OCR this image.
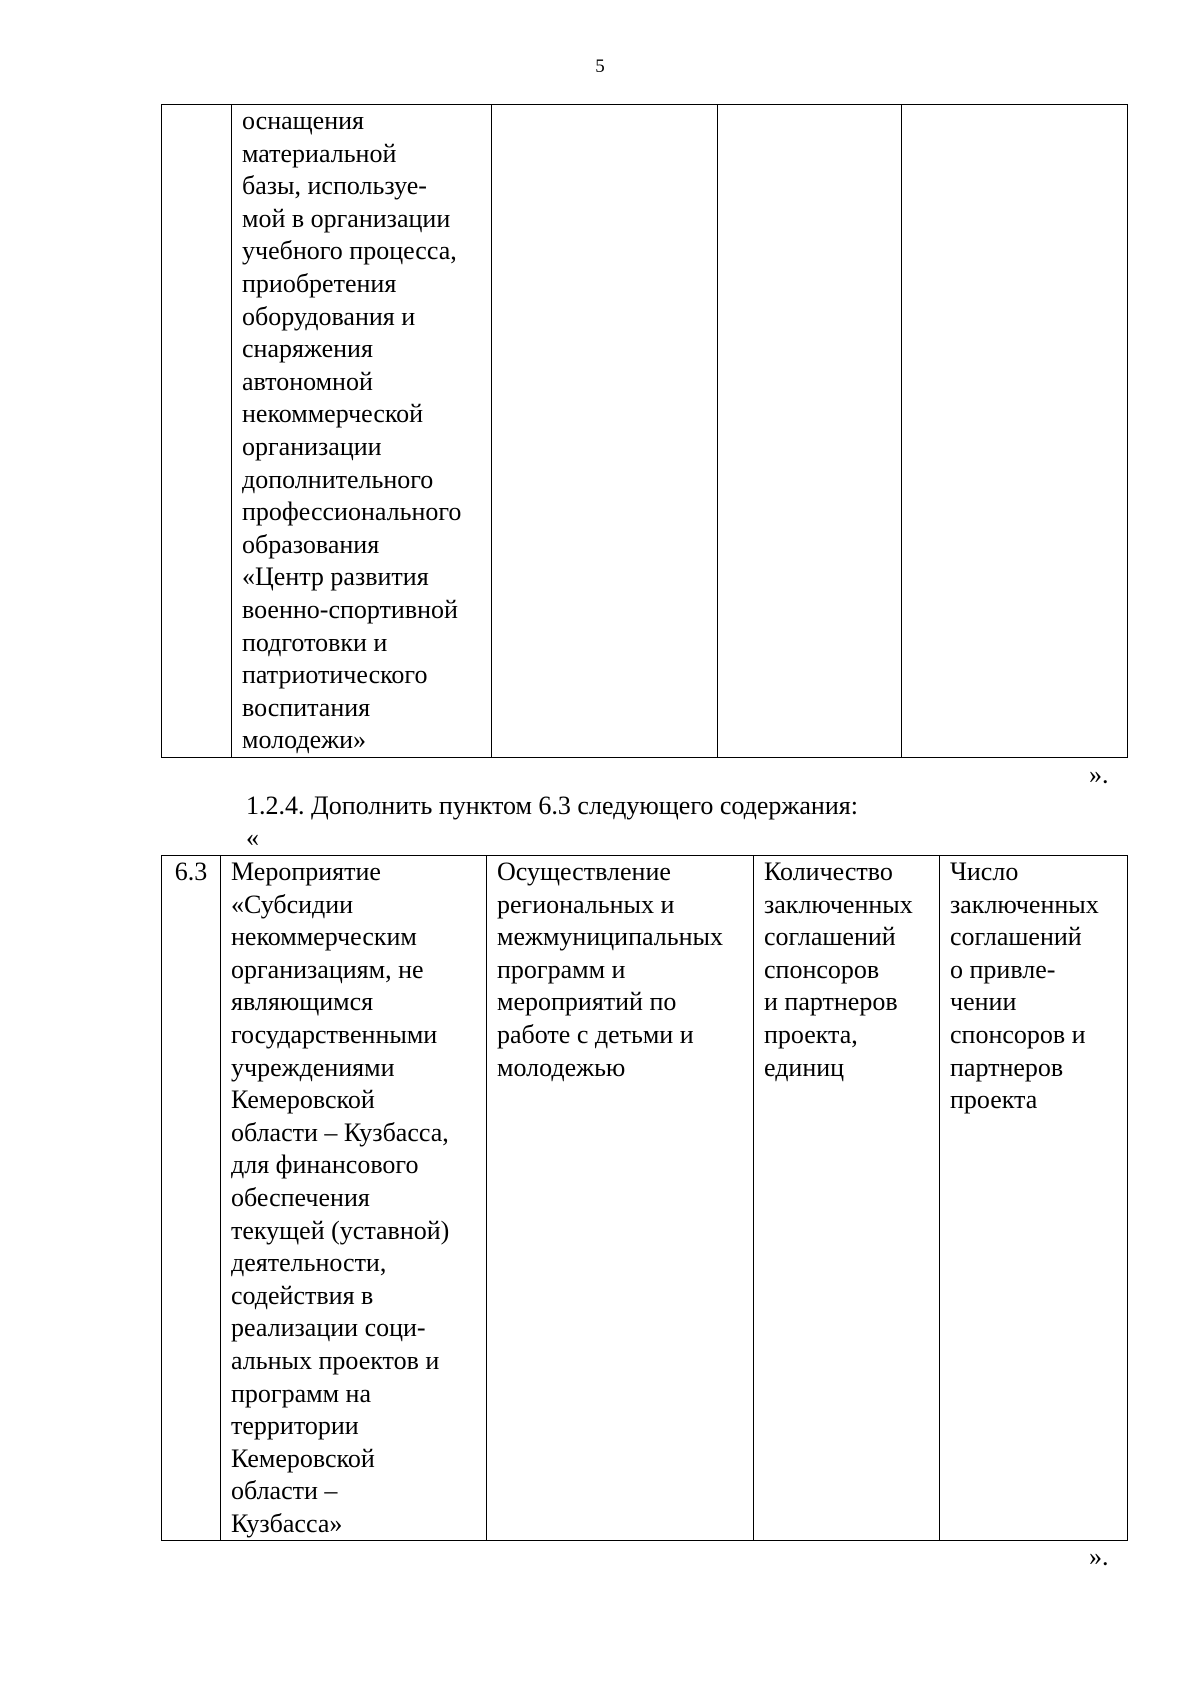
5
	оснащения
материальной
базы, используе-
мой в организации
учебного процесса,
приобретения
оборудования и
снаряжения
автономной
некоммерческой
организации
дополнительного
профессионального
образования
«Центр развития
военно-спортивной
подготовки и
патриотического
воспитания
молодежи»			
».
1.2.4. Дополнить пунктом 6.3 следующего содержания:
«
6.3	Мероприятие
«Субсидии
некоммерческим
организациям, не
являющимся
государственными
учреждениями
Кемеровской
области – Кузбасса,
для финансового
обеспечения
текущей (уставной)
деятельности,
содействия в
реализации соци-
альных проектов и
программ на
территории
Кемеровской
области –
Кузбасса»	Осуществление
региональных и
межмуниципальных
программ и
мероприятий по
работе с детьми и
молодежью	Количество
заключенных
соглашений
спонсоров
и партнеров
проекта,
единиц	Число
заключенных
соглашений
о привле-
чении
спонсоров и
партнеров
проекта
».
